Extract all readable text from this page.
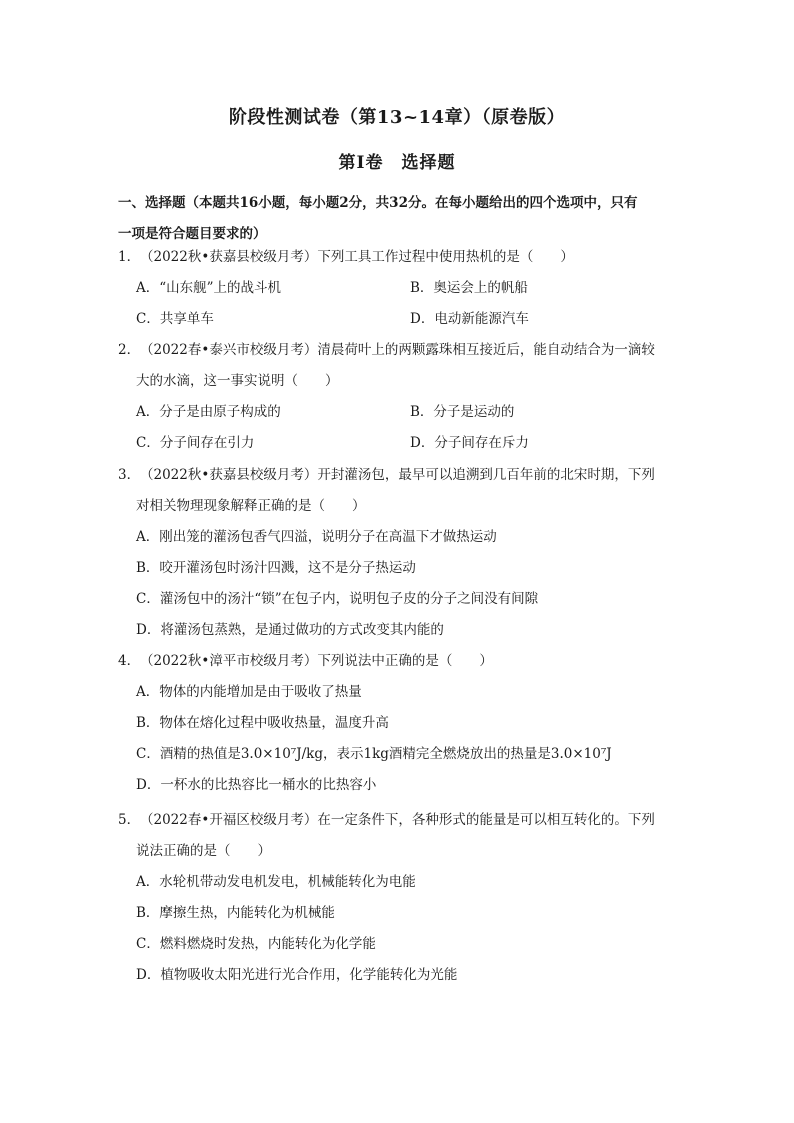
阶段性测试卷（第13~14章）（原卷版）
第Ⅰ卷　选择题
一、选择题（本题共16小题，每小题2分，共32分。在每小题给出的四个选项中，只有
一项是符合题目要求的）
1． （2022秋•获嘉县校级月考）下列工具工作过程中使用热机的是（　　）
A．“山东舰”上的战斗机	B．奥运会上的帆船
C．共享单车	D．电动新能源汽车
2． （2022春•泰兴市校级月考）清晨荷叶上的两颗露珠相互接近后，能自动结合为一滴较
大的水滴，这一事实说明（　　）
A．分子是由原子构成的	B．分子是运动的
C．分子间存在引力	D．分子间存在斥力
3． （2022秋•获嘉县校级月考）开封灌汤包，最早可以追溯到几百年前的北宋时期，下列
对相关物理现象解释正确的是（　　）
A．刚出笼的灌汤包香气四溢，说明分子在高温下才做热运动
B．咬开灌汤包时汤汁四溅，这不是分子热运动
C．灌汤包中的汤汁“锁”在包子内，说明包子皮的分子之间没有间隙
D．将灌汤包蒸熟，是通过做功的方式改变其内能的
4． （2022秋•漳平市校级月考）下列说法中正确的是（　　）
A．物体的内能增加是由于吸收了热量
B．物体在熔化过程中吸收热量，温度升高
C．酒精的热值是3.0×10⁷J/kg，表示1kg酒精完全燃烧放出的热量是3.0×10⁷J
D．一杯水的比热容比一桶水的比热容小
5． （2022春•开福区校级月考）在一定条件下，各种形式的能量是可以相互转化的。下列
说法正确的是（　　）
A．水轮机带动发电机发电，机械能转化为电能
B．摩擦生热，内能转化为机械能
C．燃料燃烧时发热，内能转化为化学能
D．植物吸收太阳光进行光合作用，化学能转化为光能
